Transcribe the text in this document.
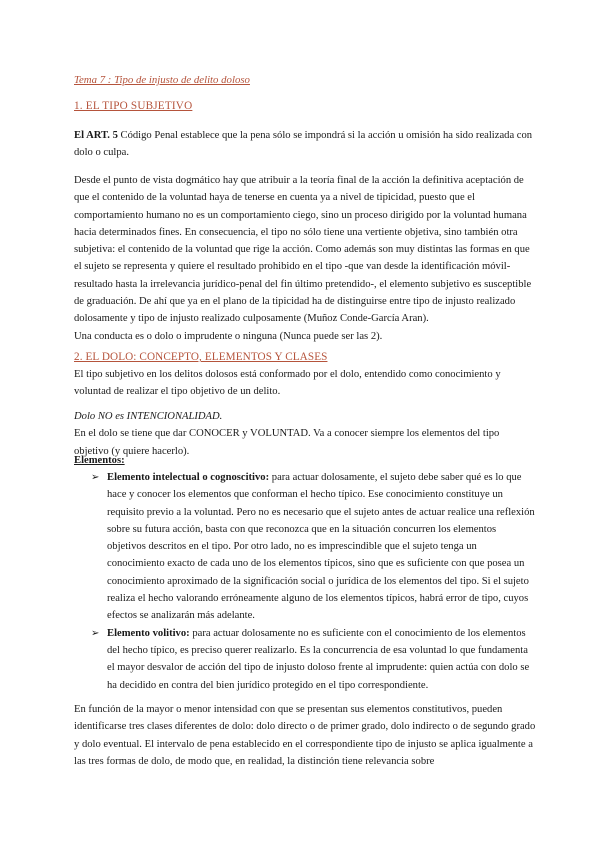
Tema 7 : Tipo de injusto de delito doloso
1. EL TIPO SUBJETIVO

El ART. 5 Código Penal establece que la pena sólo se impondrá si la acción u omisión ha sido realizada con dolo o culpa.

Desde el punto de vista dogmático hay que atribuir a la teoría final de la acción la definitiva aceptación de que el contenido de la voluntad haya de tenerse en cuenta ya a nivel de tipicidad, puesto que el comportamiento humano no es un comportamiento ciego, sino un proceso dirigido por la voluntad humana hacia determinados fines. En consecuencia, el tipo no sólo tiene una vertiente objetiva, sino también otra subjetiva: el contenido de la voluntad que rige la acción. Como además son muy distintas las formas en que el sujeto se representa y quiere el resultado prohibido en el tipo -que van desde la identificación móvil-resultado hasta la irrelevancia jurídico-penal del fin último pretendido-, el elemento subjetivo es susceptible de graduación. De ahí que ya en el plano de la tipicidad ha de distinguirse entre tipo de injusto realizado dolosamente y tipo de injusto realizado culposamente (Muñoz Conde-García Aran).

Una conducta es o dolo o imprudente o ninguna (Nunca puede ser las 2).

2. EL DOLO: CONCEPTO, ELEMENTOS Y CLASES

El tipo subjetivo en los delitos dolosos está conformado por el dolo, entendido como conocimiento y voluntad de realizar el tipo objetivo de un delito.

Dolo NO es INTENCIONALIDAD.

En el dolo se tiene que dar CONOCER y VOLUNTAD. Va a conocer siempre los elementos del tipo objetivo (y quiere hacerlo).

Elementos:
➢ Elemento intelectual o cognoscitivo: para actuar dolosamente, el sujeto debe saber qué es lo que hace y conocer los elementos que conforman el hecho típico. Ese conocimiento constituye un requisito previo a la voluntad. Pero no es necesario que el sujeto antes de actuar realice una reflexión sobre su futura acción, basta con que reconozca que en la situación concurren los elementos objetivos descritos en el tipo. Por otro lado, no es imprescindible que el sujeto tenga un conocimiento exacto de cada uno de los elementos típicos, sino que es suficiente con que posea un conocimiento aproximado de la significación social o jurídica de los elementos del tipo. Si el sujeto realiza el hecho valorando erróneamente alguno de los elementos típicos, habrá error de tipo, cuyos efectos se analizarán más adelante.

➢ Elemento volitivo: para actuar dolosamente no es suficiente con el conocimiento de los elementos del hecho típico, es preciso querer realizarlo. Es la concurrencia de esa voluntad lo que fundamenta el mayor desvalor de acción del tipo de injusto doloso frente al imprudente: quien actúa con dolo se ha decidido en contra del bien jurídico protegido en el tipo correspondiente.

En función de la mayor o menor intensidad con que se presentan sus elementos constitutivos, pueden identificarse tres clases diferentes de dolo: dolo directo o de primer grado, dolo indirecto o de segundo grado y dolo eventual. El intervalo de pena establecido en el correspondiente tipo de injusto se aplica igualmente a las tres formas de dolo, de modo que, en realidad, la distinción tiene relevancia sobre
